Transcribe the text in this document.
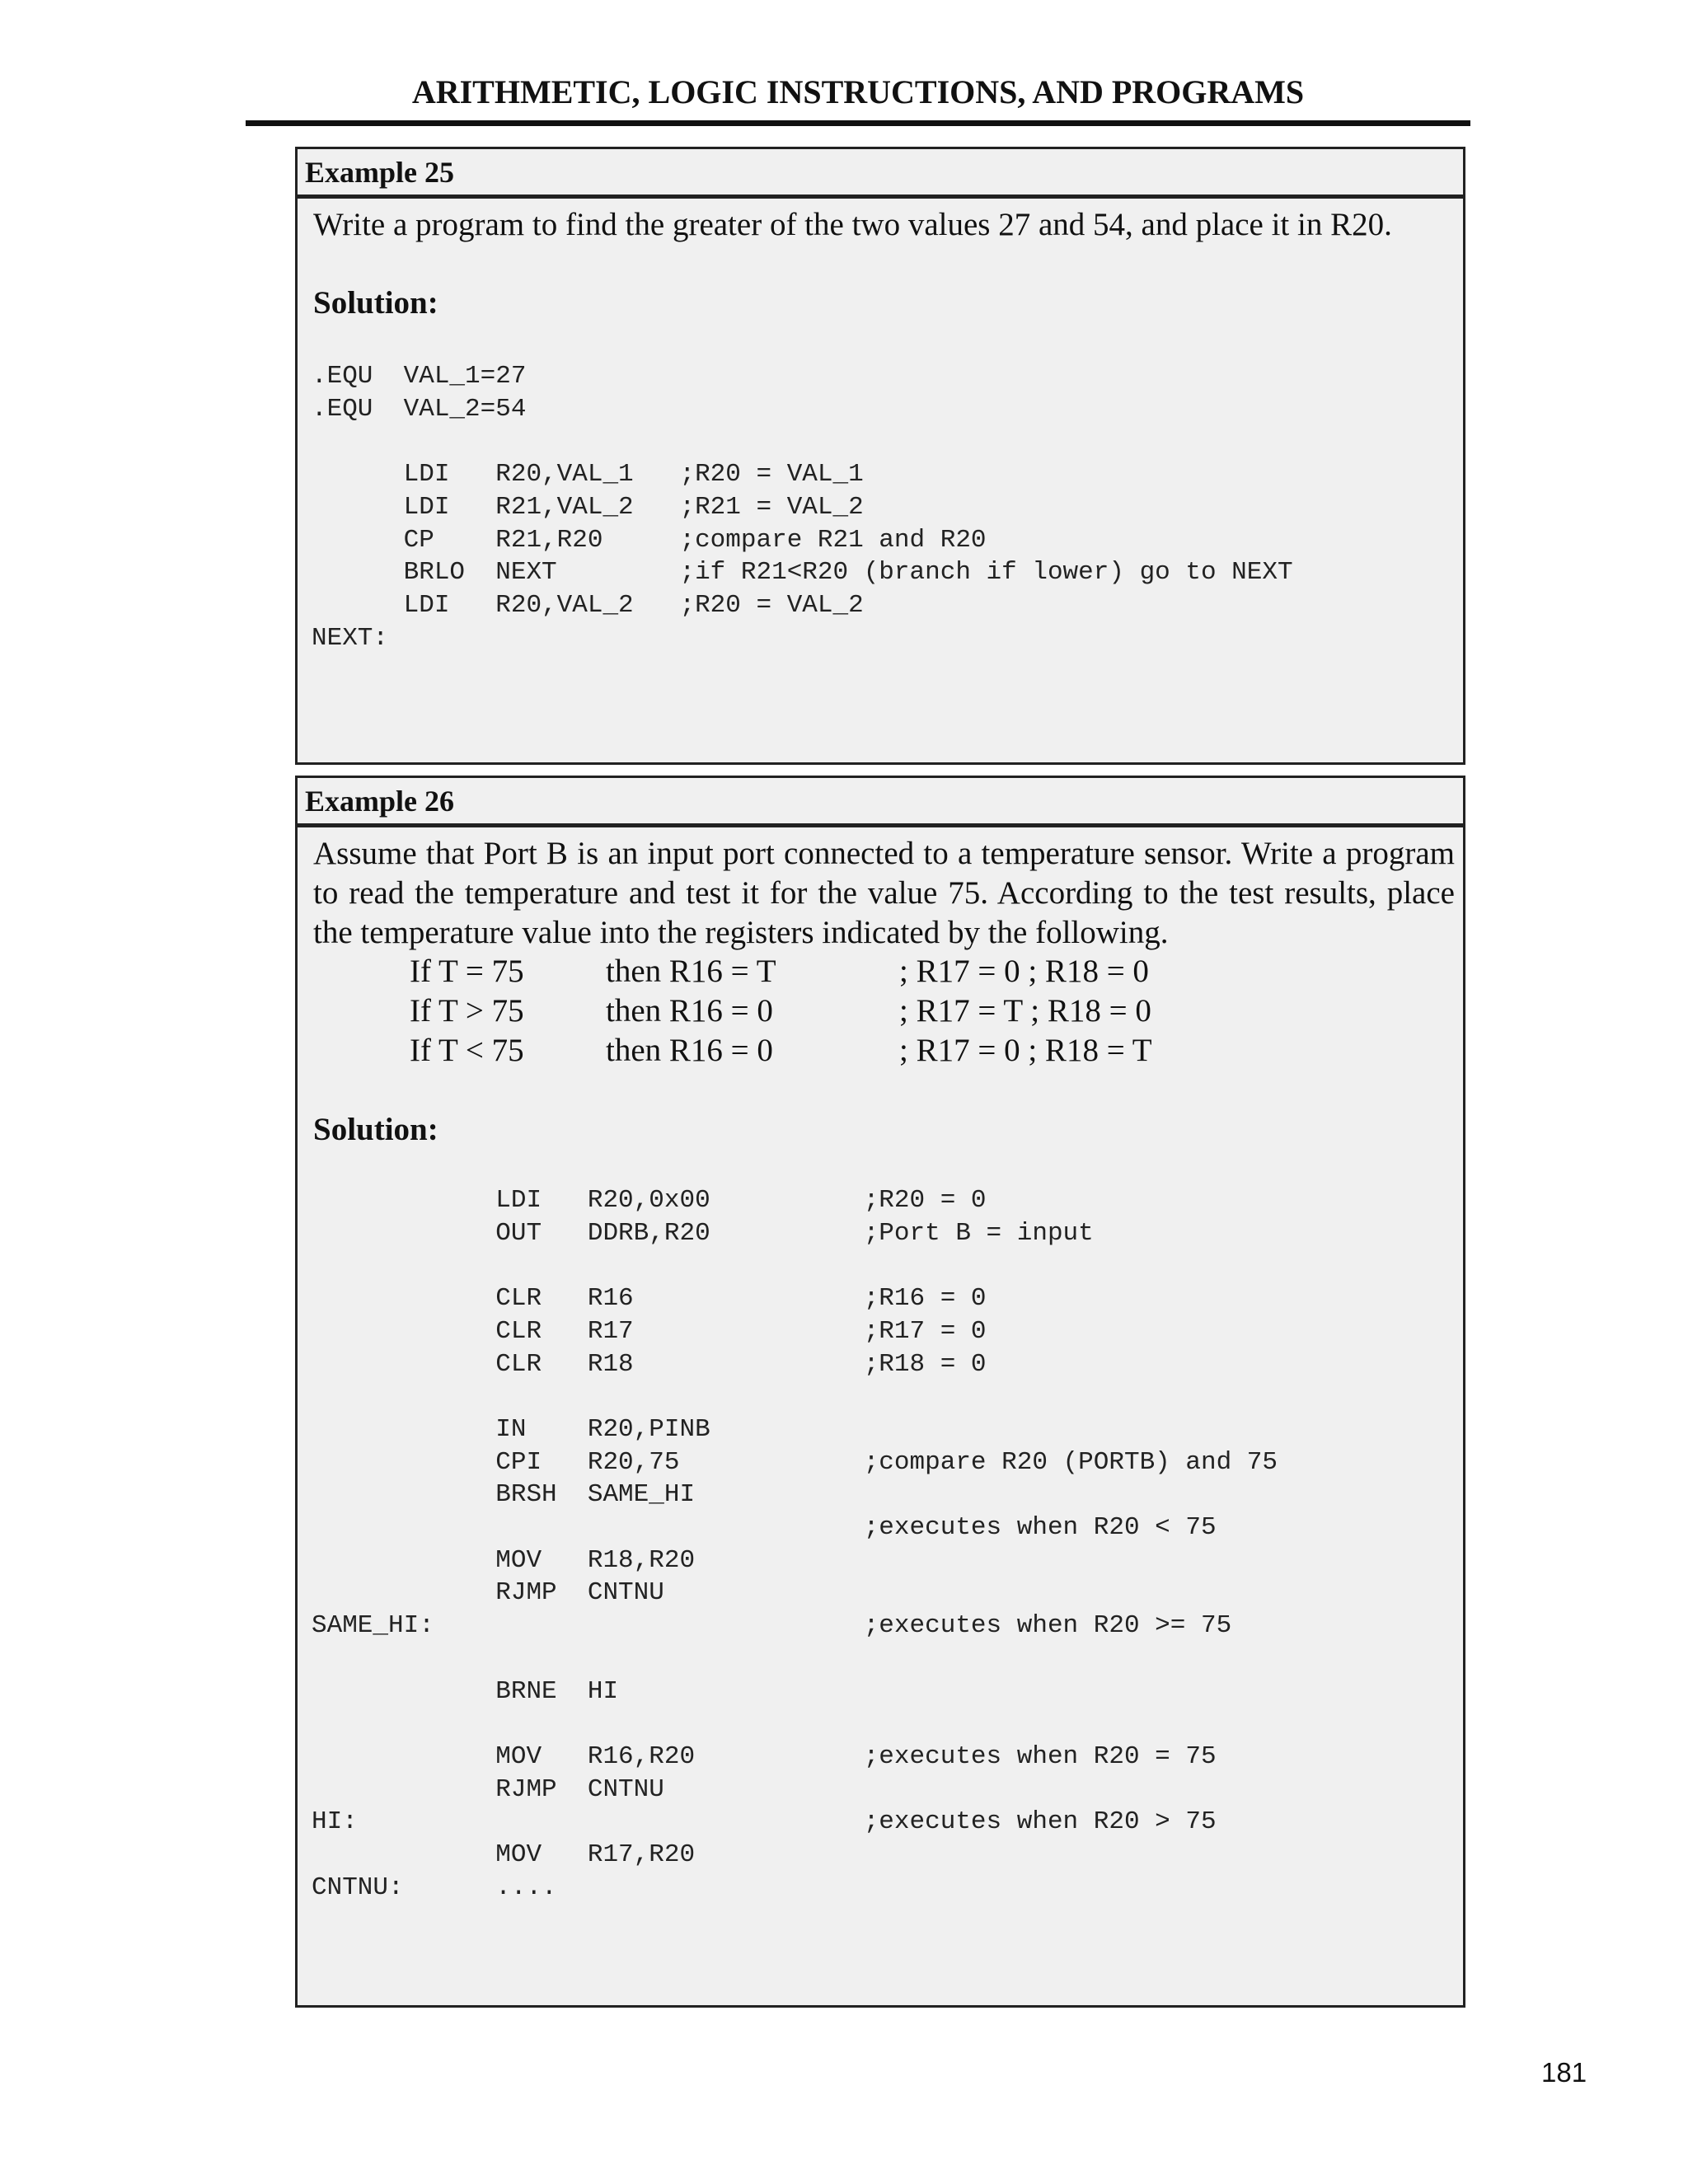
ARITHMETIC, LOGIC INSTRUCTIONS, AND PROGRAMS
Example 25
Write a program to find the greater of the two values 27 and 54, and place it in R20.
Solution:
.EQU  VAL_1=27
.EQU  VAL_2=54

LDI   R20,VAL_1   ;R20 = VAL_1
LDI   R21,VAL_2   ;R21 = VAL_2
CP    R21,R20     ;compare R21 and R20
BRLO  NEXT        ;if R21<R20 (branch if lower) go to NEXT
LDI   R20,VAL_2   ;R20 = VAL_2
NEXT:
Example 26
Assume that Port B is an input port connected to a temperature sensor. Write a program to read the temperature and test it for the value 75. According to the test results, place the temperature value into the registers indicated by the following.
If T = 75	then R16 = T	; R17 = 0 ; R18 = 0
If T > 75	then R16 = 0	; R17 = T ; R18 = 0
If T < 75	then R16 = 0	; R17 = 0 ; R18 = T
Solution:
LDI   R20,0x00          ;R20 = 0
OUT   DDRB,R20          ;Port B = input

CLR   R16               ;R16 = 0
CLR   R17               ;R17 = 0
CLR   R18               ;R18 = 0

IN    R20,PINB
CPI   R20,75            ;compare R20 (PORTB) and 75
BRSH  SAME_HI
;executes when R20 < 75
MOV   R18,R20
RJMP  CNTNU
SAME_HI:                            ;executes when R20 >= 75

BRNE  HI

MOV   R16,R20           ;executes when R20 = 75
RJMP  CNTNU
HI:                                 ;executes when R20 > 75
MOV   R17,R20
CNTNU:      ....
181
